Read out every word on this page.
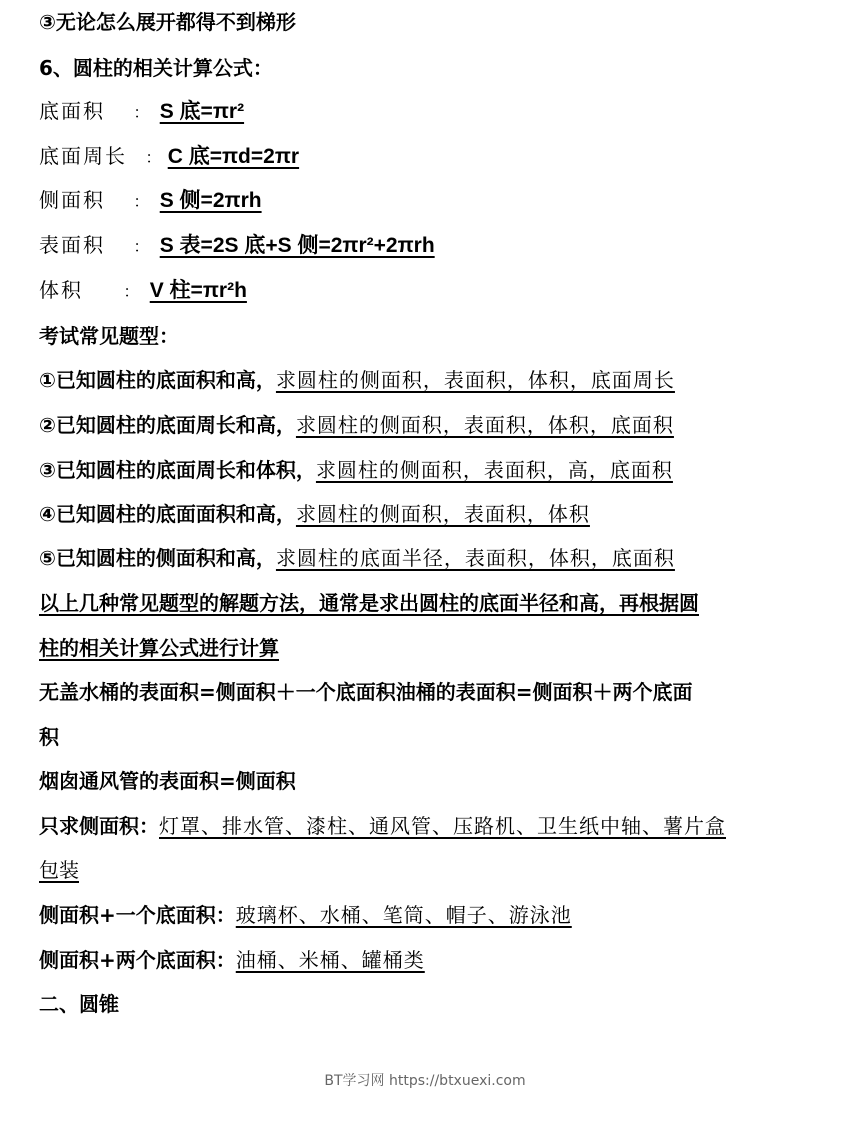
③无论怎么展开都得不到梯形
6、圆柱的相关计算公式：
底面积 ： S 底=πr²
底面周长 ： C 底=πd=2πr
侧面积 ： S 侧=2πrh
表面积 ： S 表=2S 底+S 侧=2πr²+2πrh
体积	： V 柱=πr²h
考试常见题型：
①已知圆柱的底面积和高，求圆柱的侧面积，表面积，体积，底面周长
②已知圆柱的底面周长和高，求圆柱的侧面积，表面积，体积，底面积
③已知圆柱的底面周长和体积，求圆柱的侧面积，表面积，高，底面积
④已知圆柱的底面面积和高，求圆柱的侧面积，表面积，体积
⑤已知圆柱的侧面积和高，求圆柱的底面半径，表面积，体积，底面积
以上几种常见题型的解题方法，通常是求出圆柱的底面半径和高，再根据圆
柱的相关计算公式进行计算
无盖水桶的表面积=侧面积＋一个底面积油桶的表面积=侧面积＋两个底面
积
烟囱通风管的表面积=侧面积
只求侧面积：灯罩、排水管、漆柱、通风管、压路机、卫生纸中轴、薯片盒
包装
侧面积+一个底面积：玻璃杯、水桶、笔筒、帽子、游泳池
侧面积+两个底面积：油桶、米桶、罐桶类
二、圆锥
BT学习网 https://btxuexi.com
